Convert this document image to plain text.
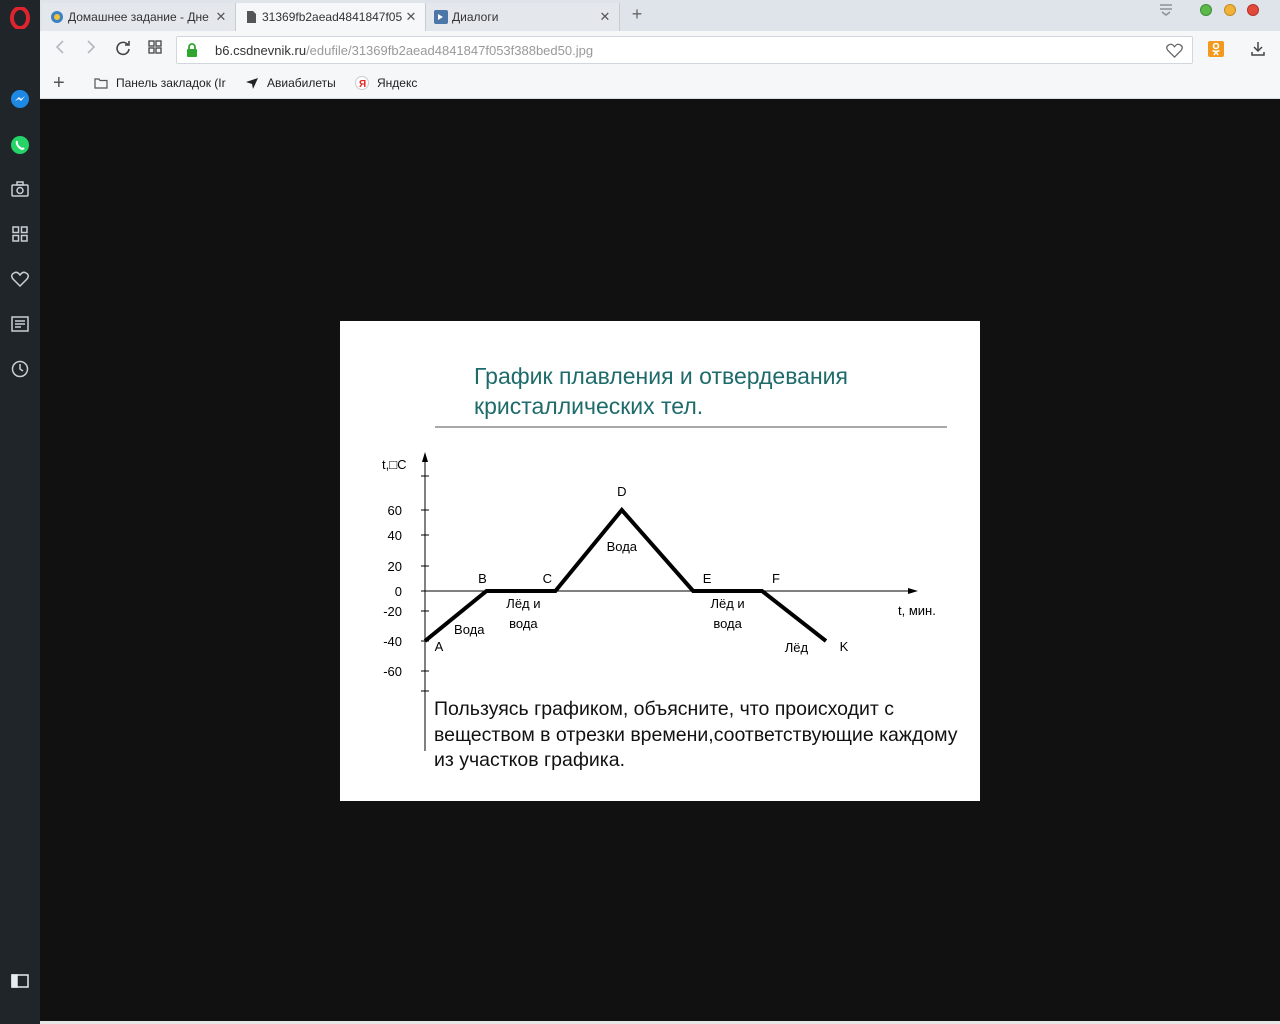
Домашнее задание - Дне ✕	31369fb2aead4841847f05 ✕	Диалоги	✕ +
b6.csdnevnik.ru/edufile/31369fb2aead4841847f053f388bed50.jpg
+	Панель закладок (Ir	Авиабилеты Я Яндекс
График плавления и отвердевания кристаллических тел.
60
40
20
0
-20
-40
-60
t,□C
t, мин.
A
B	C
D
E	F
K
Вода
Лёд и
вода
Вода
Лёд и
вода
Лёд
Пользуясь графиком, объясните, что происходит с веществом в отрезки времени,соответствующие каждому из участков графика.
